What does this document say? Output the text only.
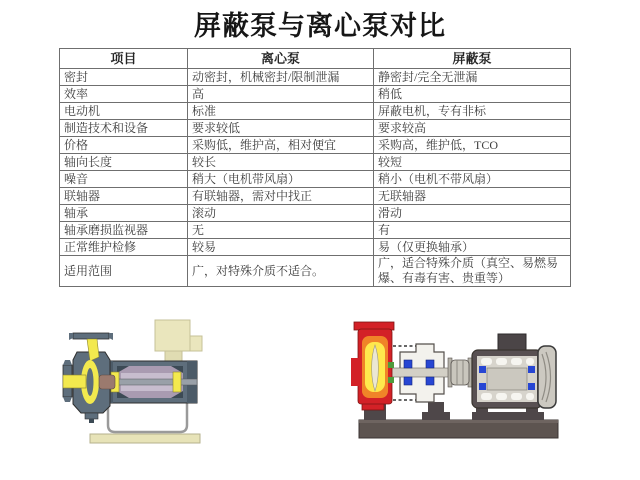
屏蔽泵与离心泵对比
项目	离心泵	屏蔽泵
密封	动密封，机械密封/限制泄漏	静密封/完全无泄漏
效率	高	稍低
电动机	标准	屏蔽电机，专有非标
制造技术和设备	要求较低	要求较高
价格	采购低，维护高，相对便宜	采购高，维护低，TCO
轴向长度	较长	较短
噪音	稍大（电机带风扇）	稍小（电机不带风扇）
联轴器	有联轴器，需对中找正	无联轴器
轴承	滚动	滑动
轴承磨损监视器	无	有
正常维护检修	较易	易（仅更换轴承）
适用范围	广，对特殊介质不适合。	广，适合特殊介质（真空、易燃易爆、有毒有害、贵重等）
